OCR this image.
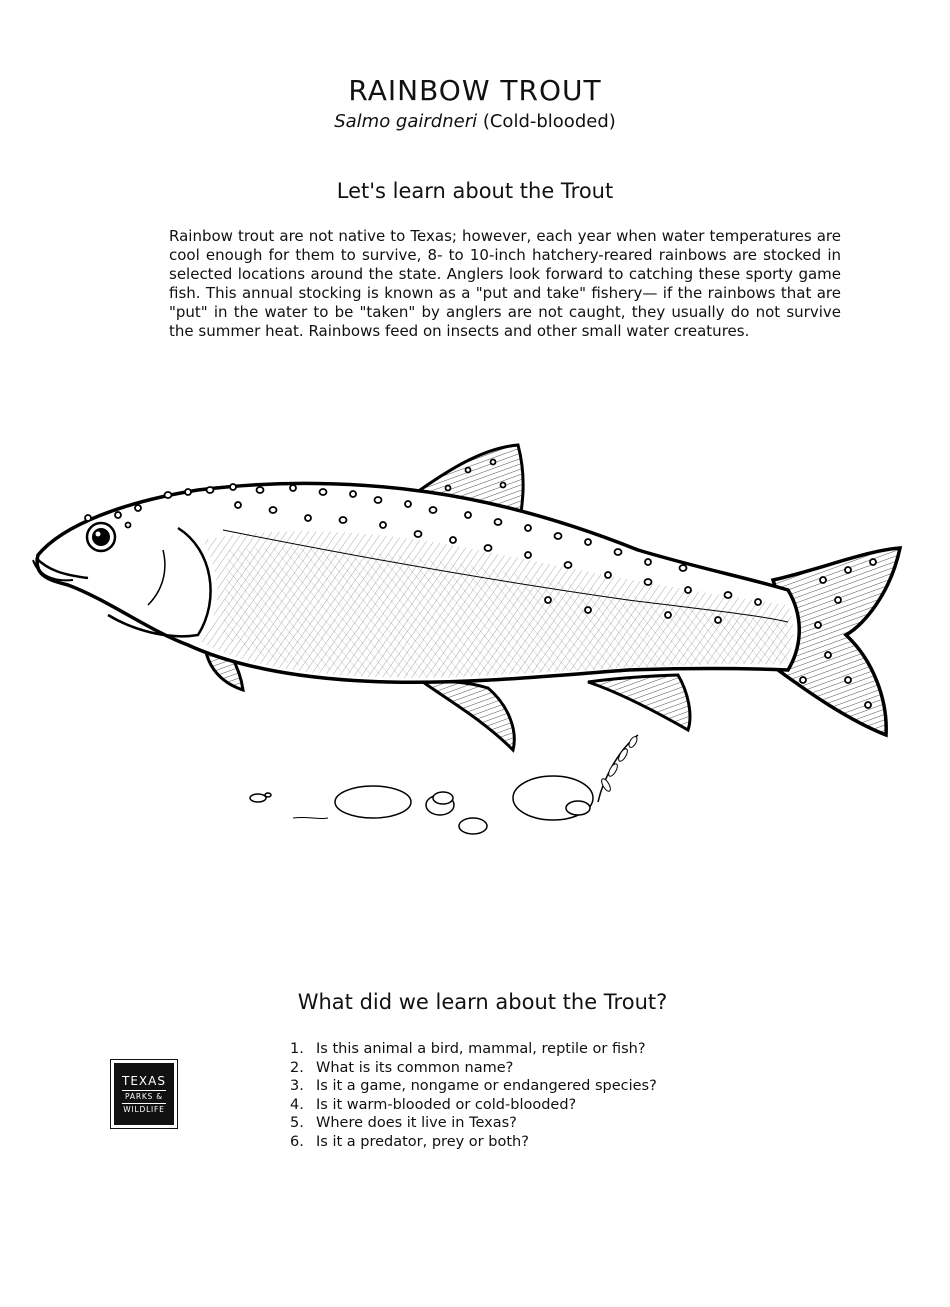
RAINBOW TROUT
Salmo gairdneri (Cold-blooded)
Let's learn about the Trout
Rainbow trout are not native to Texas; however, each year when water temperatures are cool enough for them to survive, 8- to 10-inch hatchery-reared rainbows are stocked in selected locations around the state. Anglers look forward to catching these sporty game fish. This annual stocking is known as a "put and take" fishery— if the rainbows that are "put" in the water to be "taken" by anglers are not caught, they usually do not survive the summer heat. Rainbows feed on insects and other small water creatures.
What did we learn about the Trout?
1. Is this animal a bird, mammal, reptile or fish?
2. What is its common name?
3. Is it a game, nongame or endangered species?
4. Is it warm-blooded or cold-blooded?
5. Where does it live in Texas?
6. Is it a predator, prey or both?
TEXAS
PARKS &
WILDLIFE
